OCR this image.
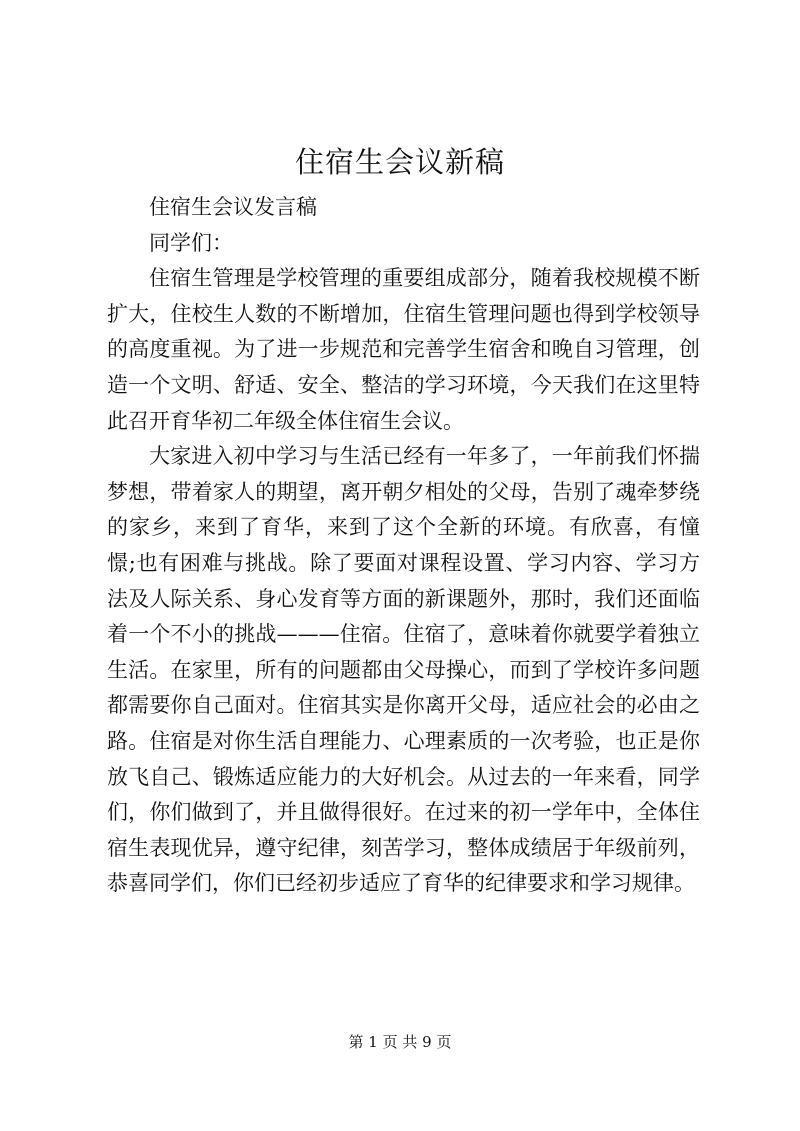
住宿生会议新稿

住宿生会议发言稿

同学们：

住宿生管理是学校管理的重要组成部分，随着我校规模不断扩大，住校生人数的不断增加，住宿生管理问题也得到学校领导的高度重视。为了进一步规范和完善学生宿舍和晚自习管理，创造一个文明、舒适、安全、整洁的学习环境，今天我们在这里特此召开育华初二年级全体住宿生会议。

大家进入初中学习与生活已经有一年多了，一年前我们怀揣梦想，带着家人的期望，离开朝夕相处的父母，告别了魂牵梦绕的家乡，来到了育华，来到了这个全新的环境。有欣喜，有憧憬;也有困难与挑战。除了要面对课程设置、学习内容、学习方法及人际关系、身心发育等方面的新课题外，那时，我们还面临着一个不小的挑战———住宿。住宿了，意味着你就要学着独立生活。在家里，所有的问题都由父母操心，而到了学校许多问题都需要你自己面对。住宿其实是你离开父母，适应社会的必由之路。住宿是对你生活自理能力、心理素质的一次考验，也正是你放飞自己、锻炼适应能力的大好机会。从过去的一年来看，同学们，你们做到了，并且做得很好。在过来的初一学年中，全体住宿生表现优异，遵守纪律，刻苦学习，整体成绩居于年级前列，恭喜同学们，你们已经初步适应了育华的纪律要求和学习规律。

第 1 页 共 9 页
